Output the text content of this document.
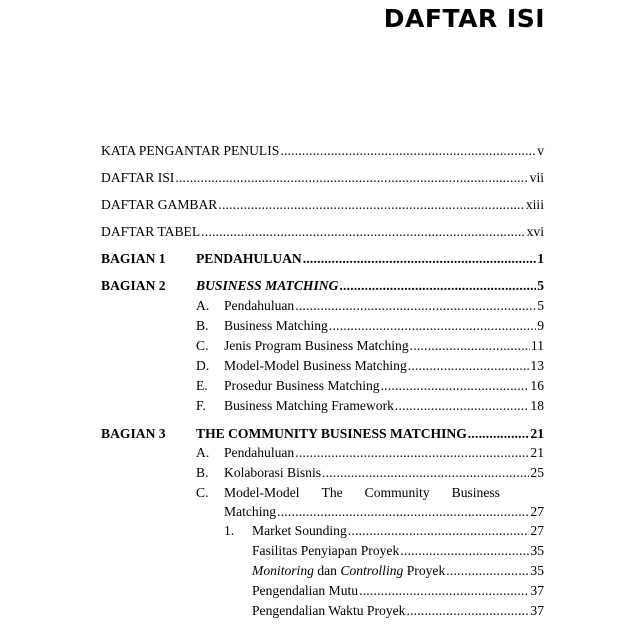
DAFTAR ISI
KATA PENGANTAR PENULIS .....	v
DAFTAR ISI .....	vii
DAFTAR GAMBAR .....	xiii
DAFTAR TABEL .....	xvi
BAGIAN 1 PENDAHULUAN .....	1
BAGIAN 2 BUSINESS MATCHING .....	5
A. Pendahuluan .....	5
B. Business Matching .....	9
C. Jenis Program Business Matching .....	11
D. Model-Model Business Matching .....	13
E. Prosedur Business Matching .....	16
F. Business Matching Framework .....	18
BAGIAN 3 THE COMMUNITY BUSINESS MATCHING .....	21
A. Pendahuluan .....	21
B. Kolaborasi Bisnis .....	25
C. Model-Model The Community Business
Matching .....	27
1. Market Sounding .....	27
Fasilitas Penyiapan Proyek .....	35
Monitoring dan Controlling Proyek .....	35
Pengendalian Mutu .....	37
Pengendalian Waktu Proyek .....	37
